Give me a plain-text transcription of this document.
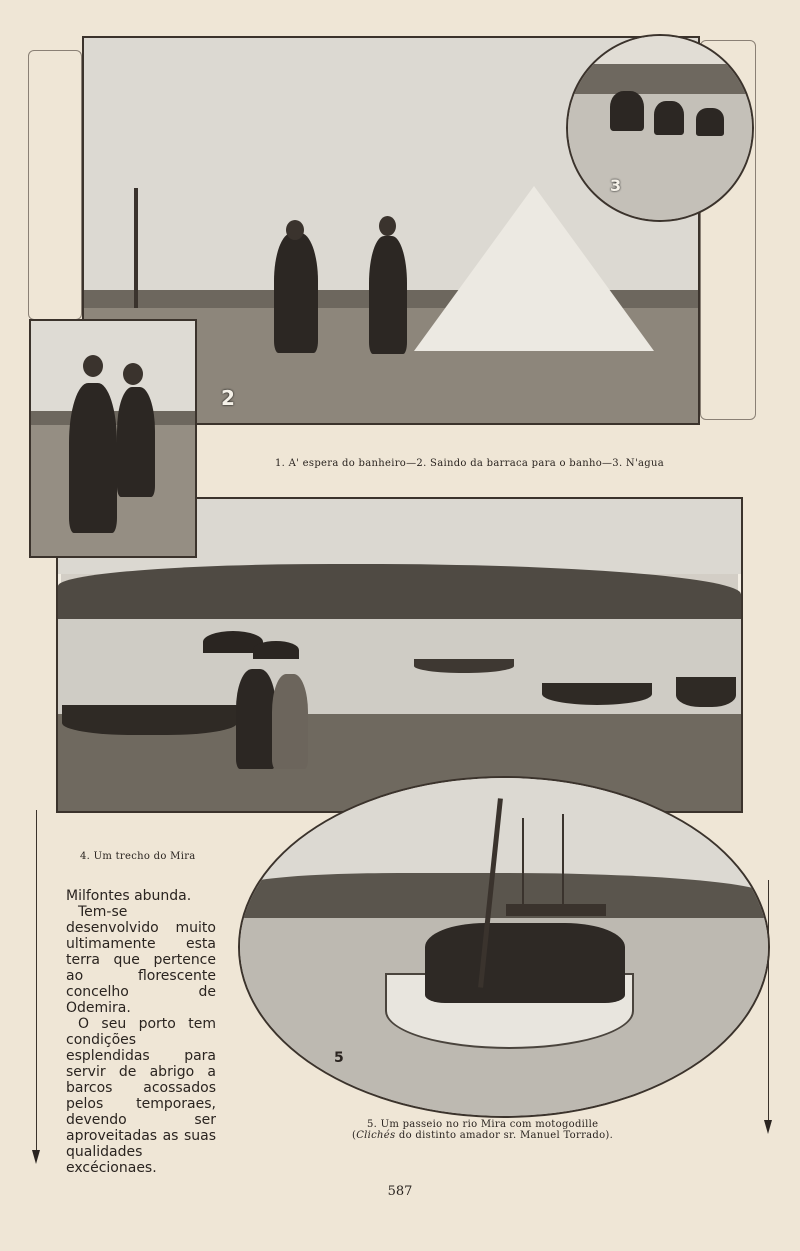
2
3
1. A' espera do banheiro—2. Saindo da barraca para o banho—3. N'agua
4. Um trecho do Mira
5
5. Um passeio no rio Mira com motogodille
(Clichés do distinto amador sr. Manuel Torrado).

Milfontes abunda.

Tem-se desenvolvido muito ultimamente esta terra que pertence ao florescente concelho de Odemira.

O seu porto tem condições esplendidas para servir de abrigo a barcos acossados pelos temporaes, devendo ser aproveitadas as suas qualidades excécionaes.

587
